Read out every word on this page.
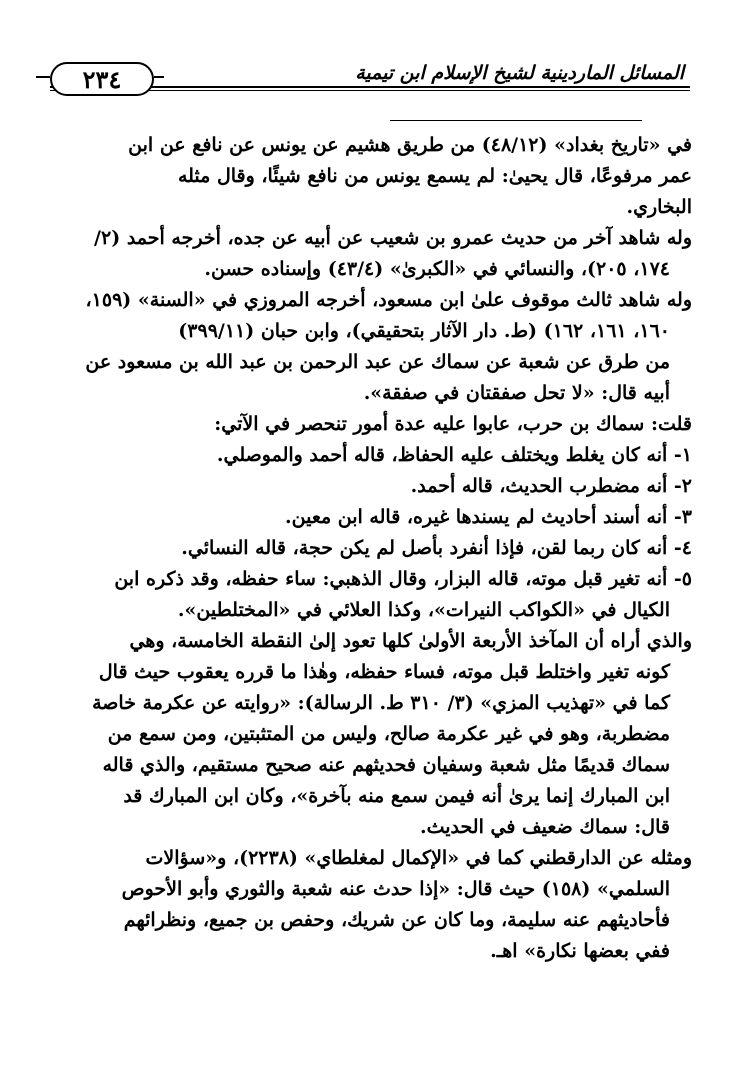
٢٣٤	المسائل الماردينية لشيخ الإسلام ابن تيمية

في «تاريخ بغداد» (٤٨/١٢) من طريق هشيم عن يونس عن نافع عن ابن
عمر مرفوعًا، قال يحيىٰ: لم يسمع يونس من نافع شيئًا، وقال مثله
البخاري.

وله شاهد آخر من حديث عمرو بن شعيب عن أبيه عن جده، أخرجه أحمد (٢/
١٧٤، ٢٠٥)، والنسائي في «الكبرىٰ» (٤٣/٤) وإسناده حسن.

وله شاهد ثالث موقوف علىٰ ابن مسعود، أخرجه المروزي في «السنة» (١٥٩،
١٦٠، ١٦١، ١٦٢) (ط. دار الآثار بتحقيقي)، وابن حبان (٣٩٩/١١)
من طرق عن شعبة عن سماك عن عبد الرحمن بن عبد الله بن مسعود عن
أبيه قال: «لا تحل صفقتان في صفقة».

قلت: سماك بن حرب، عابوا عليه عدة أمور تنحصر في الآتي:

١- أنه كان يغلط ويختلف عليه الحفاظ، قاله أحمد والموصلي.
٢- أنه مضطرب الحديث، قاله أحمد.
٣- أنه أسند أحاديث لم يسندها غيره، قاله ابن معين.
٤- أنه كان ربما لقن، فإذا أنفرد بأصل لم يكن حجة، قاله النسائي.
٥- أنه تغير قبل موته، قاله البزار، وقال الذهبي: ساء حفظه، وقد ذكره ابن
الكيال في «الكواكب النيرات»، وكذا العلائي في «المختلطين».

والذي أراه أن المآخذ الأربعة الأولىٰ كلها تعود إلىٰ النقطة الخامسة، وهي
كونه تغير واختلط قبل موته، فساء حفظه، وهٰذا ما قرره يعقوب حيث قال
كما في «تهذيب المزي» (٣/ ٣١٠ ط. الرسالة): «روايته عن عكرمة خاصة
مضطربة، وهو في غير عكرمة صالح، وليس من المتثبتين، ومن سمع من
سماك قديمًا مثل شعبة وسفيان فحديثهم عنه صحيح مستقيم، والذي قاله
ابن المبارك إنما يرىٰ أنه فيمن سمع منه بآخرة»، وكان ابن المبارك قد
قال: سماك ضعيف في الحديث.

ومثله عن الدارقطني كما في «الإكمال لمغلطاي» (٢٢٣٨)، و«سؤالات
السلمي» (١٥٨) حيث قال: «إذا حدث عنه شعبة والثوري وأبو الأحوص
فأحاديثهم عنه سليمة، وما كان عن شريك، وحفص بن جميع، ونظرائهم
ففي بعضها نكارة» اهـ.
